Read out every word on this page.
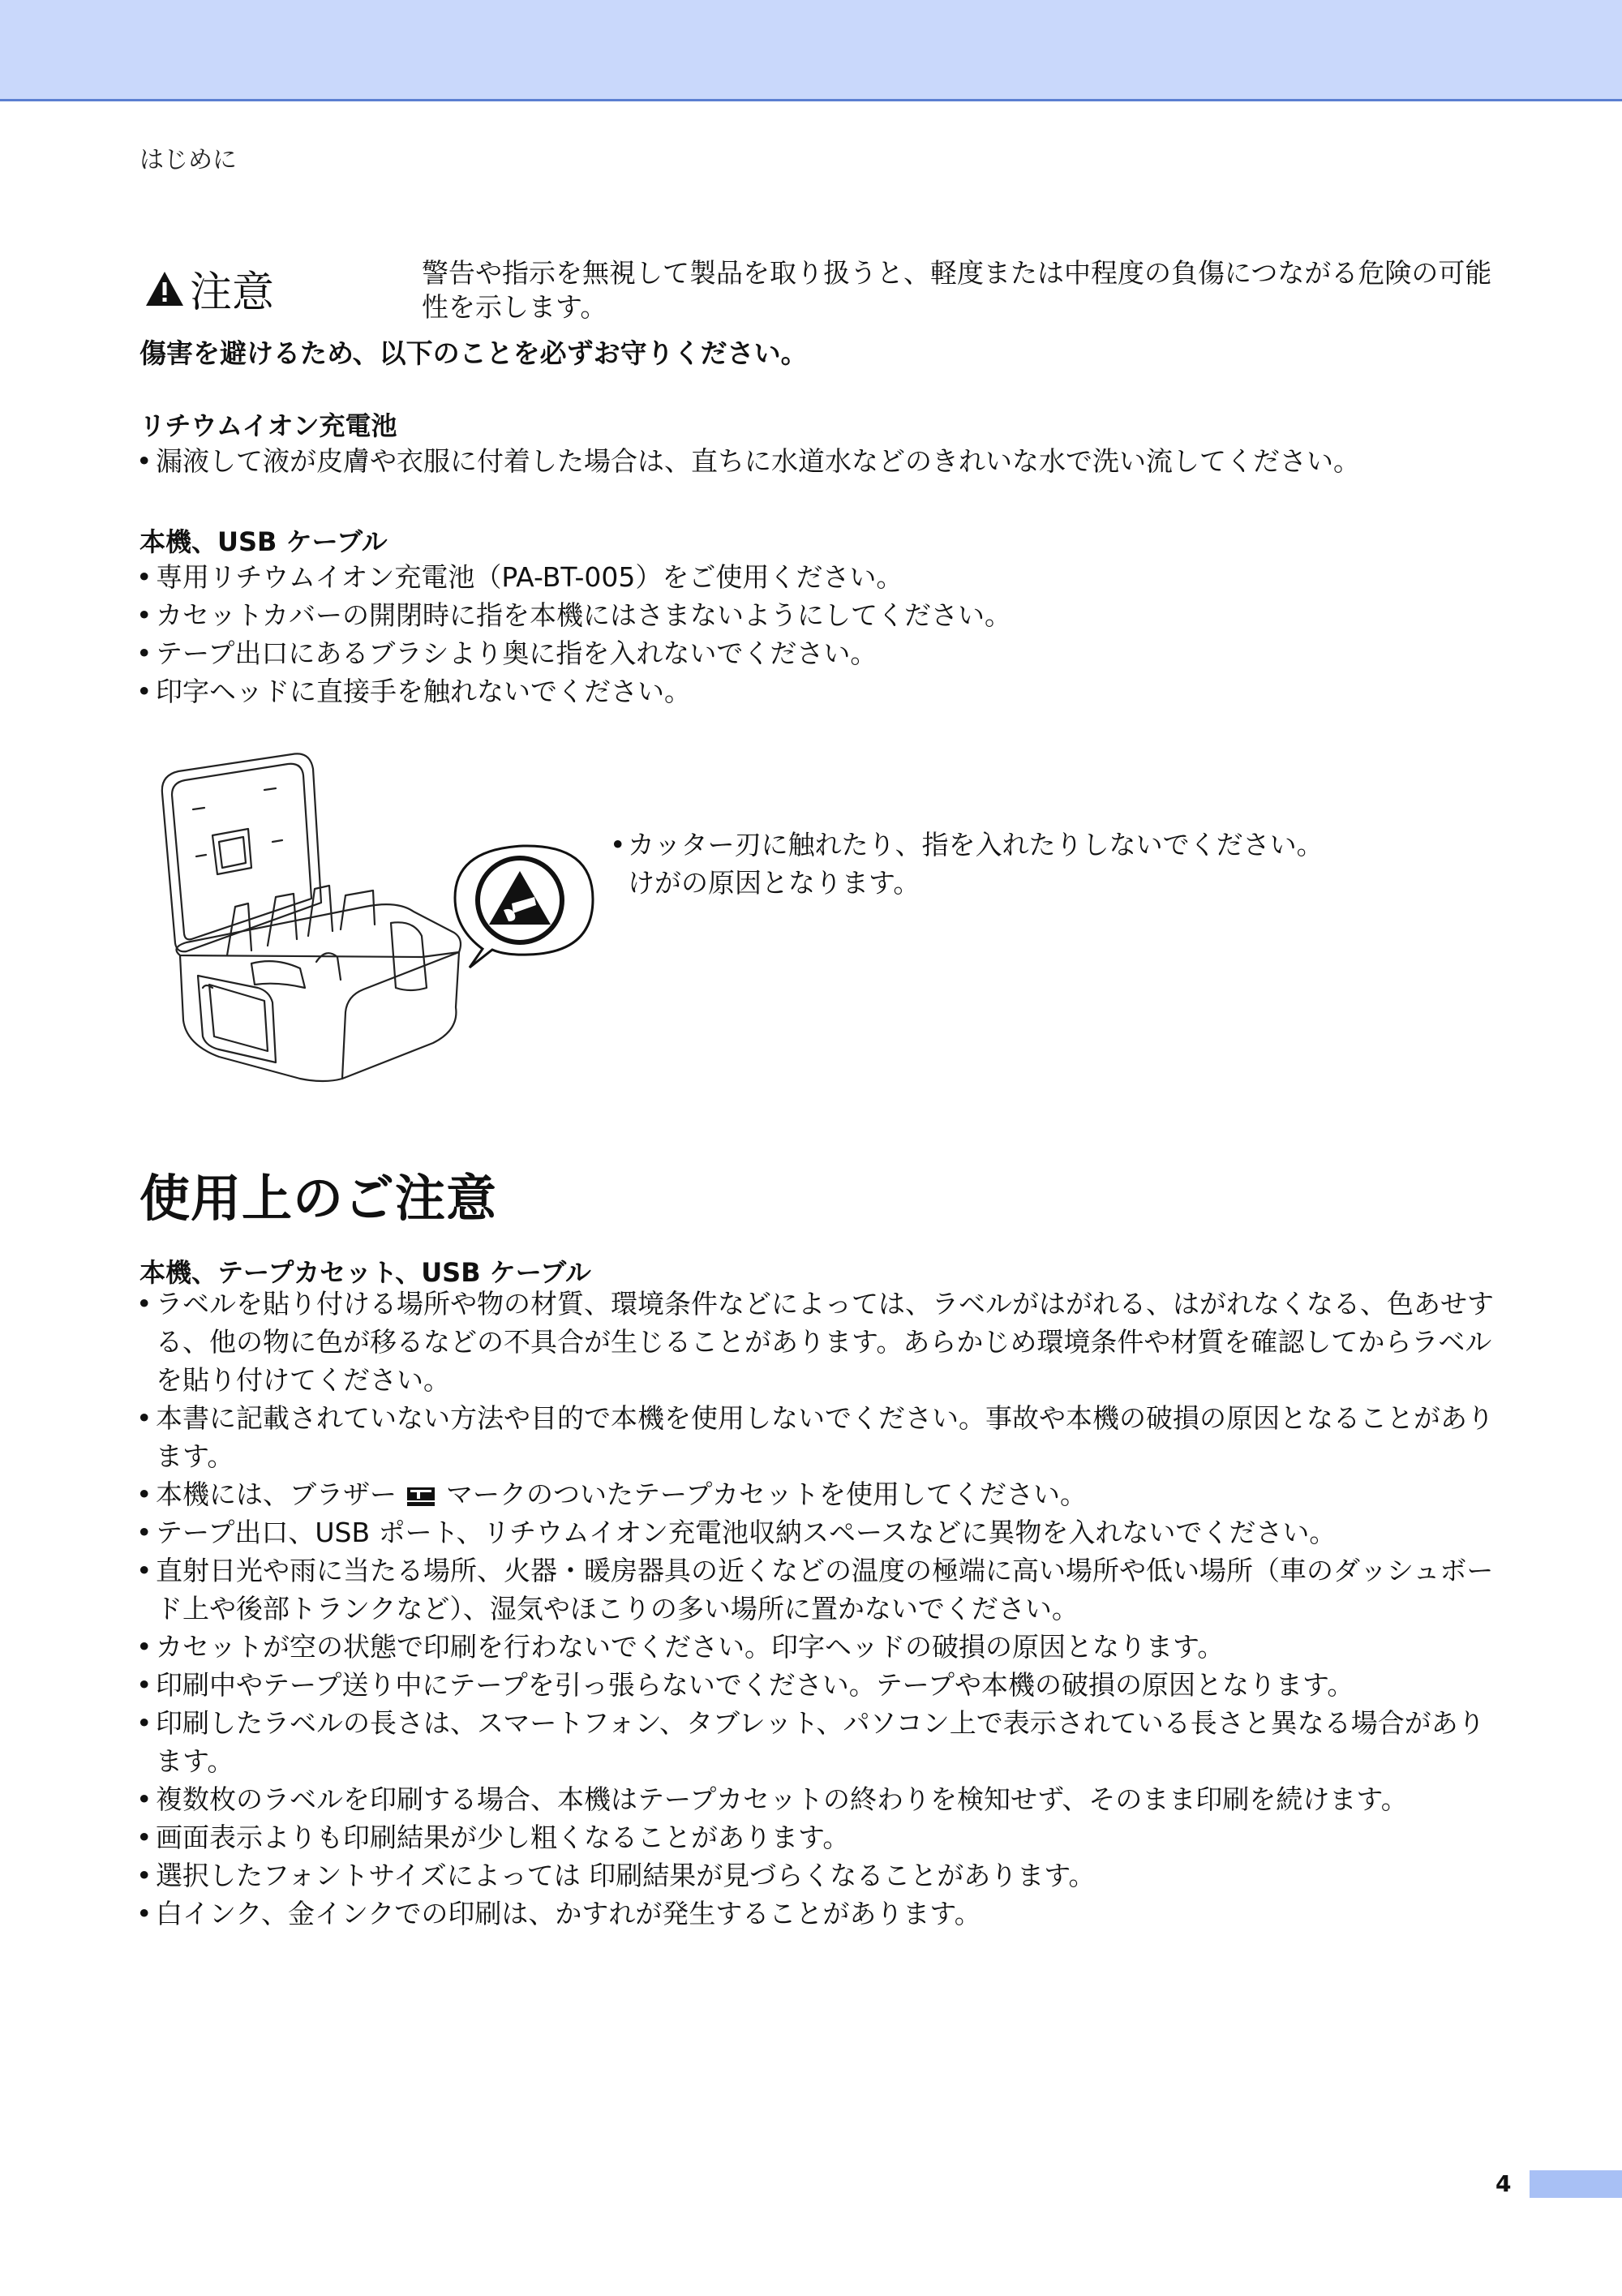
はじめに
注意	警告や指示を無視して製品を取り扱うと、軽度または中程度の負傷につながる危険の可能性を示します。
傷害を避けるため、以下のことを必ずお守りください。
リチウムイオン充電池
• 漏液して液が皮膚や衣服に付着した場合は、直ちに水道水などのきれいな水で洗い流してください。
本機、USB ケーブル
• 専用リチウムイオン充電池（PA-BT-005）をご使用ください。
• カセットカバーの開閉時に指を本機にはさまないようにしてください。
• テープ出口にあるブラシより奥に指を入れないでください。
• 印字ヘッドに直接手を触れないでください。
• カッター刃に触れたり、指を入れたりしないでください。
けがの原因となります。
使用上のご注意
本機、テープカセット、USB ケーブル
• ラベルを貼り付ける場所や物の材質、環境条件などによっては、ラベルがはがれる、はがれなくなる、色あせする、他の物に色が移るなどの不具合が生じることがあります。あらかじめ環境条件や材質を確認してからラベルを貼り付けてください。
• 本書に記載されていない方法や目的で本機を使用しないでください。事故や本機の破損の原因となることがあります。
• 本機には、ブラザー マークのついたテープカセットを使用してください。
• テープ出口、USB ポート、リチウムイオン充電池収納スペースなどに異物を入れないでください。
• 直射日光や雨に当たる場所、火器・暖房器具の近くなどの温度の極端に高い場所や低い場所（車のダッシュボード上や後部トランクなど）、湿気やほこりの多い場所に置かないでください。
• カセットが空の状態で印刷を行わないでください。印字ヘッドの破損の原因となります。
• 印刷中やテープ送り中にテープを引っ張らないでください。テープや本機の破損の原因となります。
• 印刷したラベルの長さは、スマートフォン、タブレット、パソコン上で表示されている長さと異なる場合があります。
• 複数枚のラベルを印刷する場合、本機はテープカセットの終わりを検知せず、そのまま印刷を続けます。
• 画面表示よりも印刷結果が少し粗くなることがあります。
• 選択したフォントサイズによっては 印刷結果が見づらくなることがあります。
• 白インク、金インクでの印刷は、かすれが発生することがあります。
4
